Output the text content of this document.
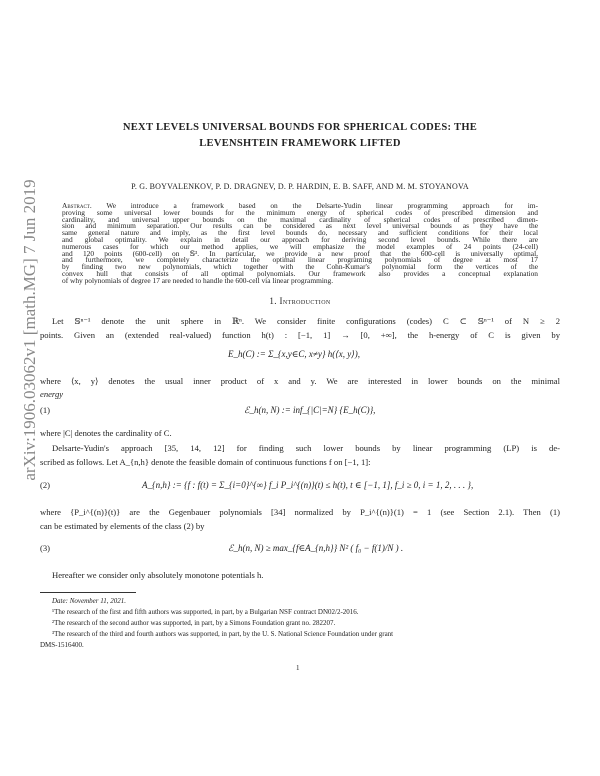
arXiv:1906.03062v1 [math.MG] 7 Jun 2019
NEXT LEVELS UNIVERSAL BOUNDS FOR SPHERICAL CODES: THE
LEVENSHTEIN FRAMEWORK LIFTED
P. G. BOYVALENKOV, P. D. DRAGNEV, D. P. HARDIN, E. B. SAFF, AND M. M. STOYANOVA
Abstract. We introduce a framework based on the Delsarte-Yudin linear programming approach for im-
proving some universal lower bounds for the minimum energy of spherical codes of prescribed dimension and
cardinality, and universal upper bounds on the maximal cardinality of spherical codes of prescribed dimen-
sion and minimum separation. Our results can be considered as next level universal bounds as they have the
same general nature and imply, as the first level bounds do, necessary and sufficient conditions for their local
and global optimality. We explain in detail our approach for deriving second level bounds. While there are
numerous cases for which our method applies, we will emphasize the model examples of 24 points (24-cell)
and 120 points (600-cell) on 𝕊³. In particular, we provide a new proof that the 600-cell is universally optimal,
and furthermore, we completely characterize the optimal linear programing polynomials of degree at most 17
by finding two new polynomials, which together with the Cohn-Kumar's polynomial form the vertices of the
convex hull that consists of all optimal polynomials. Our framework also provides a conceptual explanation
of why polynomials of degree 17 are needed to handle the 600-cell via linear programming.
1. Introduction
Let 𝕊ⁿ⁻¹ denote the unit sphere in ℝⁿ. We consider finite configurations (codes) C ⊂ 𝕊ⁿ⁻¹ of N ≥ 2
points. Given an (extended real-valued) function h(t) : [−1, 1] → [0, +∞], the h-energy of C is given by
E_h(C) := Σ_{x,y∈C, x≠y} h(⟨x, y⟩),
where ⟨x, y⟩ denotes the usual inner product of x and y. We are interested in lower bounds on the minimal
energy
(1)	ℰ_h(n, N) := inf_{|C|=N} {E_h(C)},
where |C| denotes the cardinality of C.
Delsarte-Yudin's approach [35, 14, 12] for finding such lower bounds by linear programming (LP) is de-
scribed as follows. Let A_{n,h} denote the feasible domain of continuous functions f on [−1, 1]:
(2)	A_{n,h} := {f : f(t) = Σ_{i=0}^{∞} f_i P_i^{(n)}(t) ≤ h(t), t ∈ [−1, 1], f_i ≥ 0, i = 1, 2, . . . },
where {P_i^{(n)}(t)} are the Gegenbauer polynomials [34] normalized by P_i^{(n)}(1) = 1 (see Section 2.1). Then (1)
can be estimated by elements of the class (2) by
(3)	ℰ_h(n, N) ≥ max_{f∈A_{n,h}} N² ( f₀ − f(1)/N ) .
Hereafter we consider only absolutely monotone potentials h.
Date: November 11, 2021.
¹The research of the first and fifth authors was supported, in part, by a Bulgarian NSF contract DN02/2-2016.
²The research of the second author was supported, in part, by a Simons Foundation grant no. 282207.
³The research of the third and fourth authors was supported, in part, by the U. S. National Science Foundation under grant
DMS-1516400.
1
